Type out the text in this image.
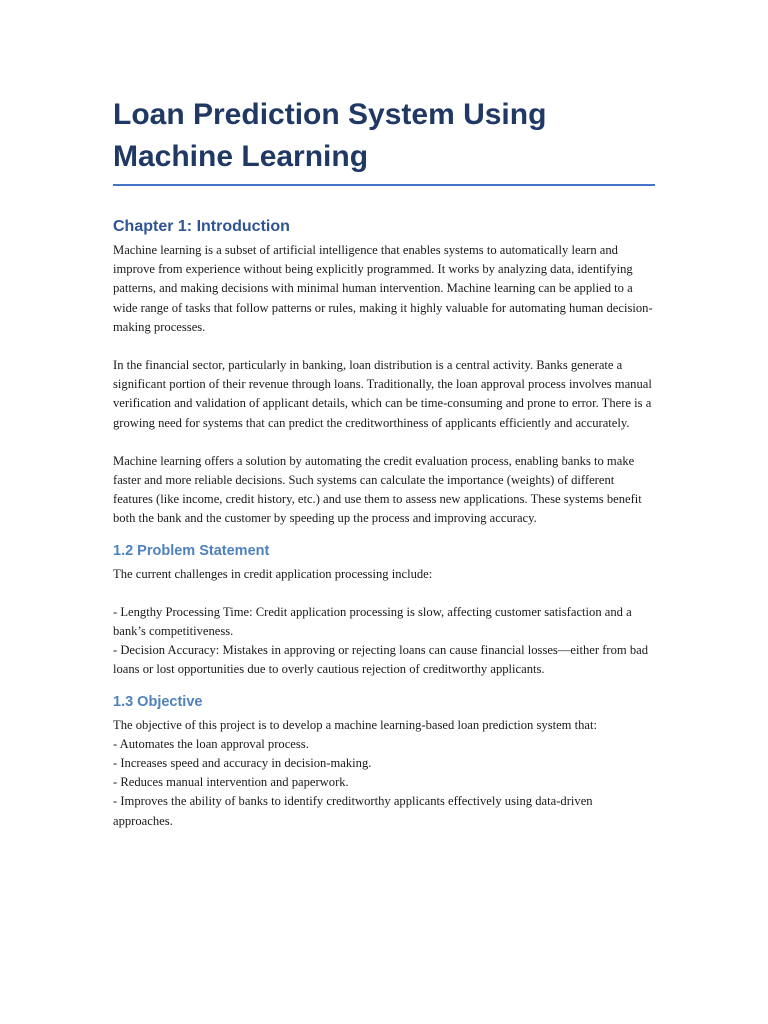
Loan Prediction System Using Machine Learning
Chapter 1: Introduction

Machine learning is a subset of artificial intelligence that enables systems to automatically learn and improve from experience without being explicitly programmed. It works by analyzing data, identifying patterns, and making decisions with minimal human intervention. Machine learning can be applied to a wide range of tasks that follow patterns or rules, making it highly valuable for automating human decision-making processes.

In the financial sector, particularly in banking, loan distribution is a central activity. Banks generate a significant portion of their revenue through loans. Traditionally, the loan approval process involves manual verification and validation of applicant details, which can be time-consuming and prone to error. There is a growing need for systems that can predict the creditworthiness of applicants efficiently and accurately.

Machine learning offers a solution by automating the credit evaluation process, enabling banks to make faster and more reliable decisions. Such systems can calculate the importance (weights) of different features (like income, credit history, etc.) and use them to assess new applications. These systems benefit both the bank and the customer by speeding up the process and improving accuracy.

1.2 Problem Statement

The current challenges in credit application processing include:

- Lengthy Processing Time: Credit application processing is slow, affecting customer satisfaction and a bank’s competitiveness.

- Decision Accuracy: Mistakes in approving or rejecting loans can cause financial losses—either from bad loans or lost opportunities due to overly cautious rejection of creditworthy applicants.

1.3 Objective

The objective of this project is to develop a machine learning-based loan prediction system that:

- Automates the loan approval process.

- Increases speed and accuracy in decision-making.

- Reduces manual intervention and paperwork.

- Improves the ability of banks to identify creditworthy applicants effectively using data-driven approaches.
